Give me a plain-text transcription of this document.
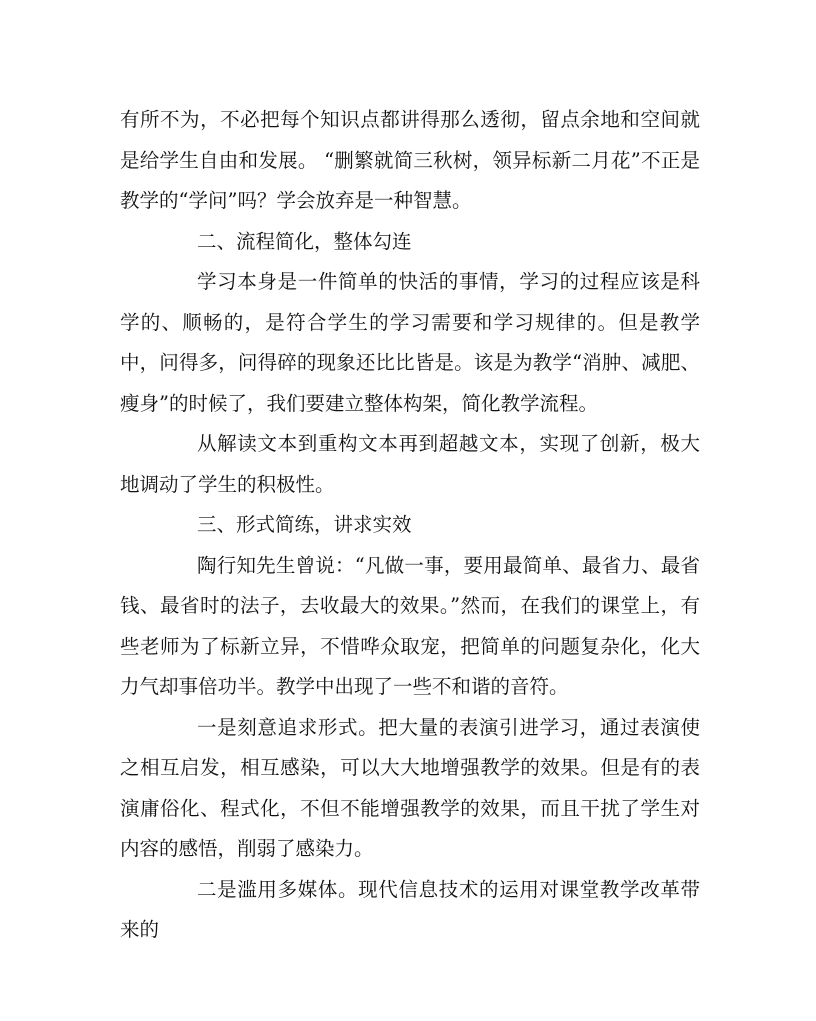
有所不为，不必把每个知识点都讲得那么透彻，留点余地和空间就是给学生自由和发展。 “删繁就简三秋树，领异标新二月花”不正是教学的“学问”吗？学会放弃是一种智慧。

二、流程简化，整体勾连

学习本身是一件简单的快活的事情，学习的过程应该是科学的、顺畅的，是符合学生的学习需要和学习规律的。但是教学中，问得多，问得碎的现象还比比皆是。该是为教学“消肿、减肥、瘦身”的时候了，我们要建立整体构架，简化教学流程。

从解读文本到重构文本再到超越文本，实现了创新，极大地调动了学生的积极性。

三、形式简练，讲求实效

陶行知先生曾说：“凡做一事，要用最简单、最省力、最省钱、最省时的法子，去收最大的效果。”然而，在我们的课堂上，有些老师为了标新立异，不惜哗众取宠，把简单的问题复杂化，化大力气却事倍功半。教学中出现了一些不和谐的音符。

一是刻意追求形式。把大量的表演引进学习，通过表演使之相互启发，相互感染，可以大大地增强教学的效果。但是有的表演庸俗化、程式化，不但不能增强教学的效果，而且干扰了学生对内容的感悟，削弱了感染力。

二是滥用多媒体。现代信息技术的运用对课堂教学改革带来的
